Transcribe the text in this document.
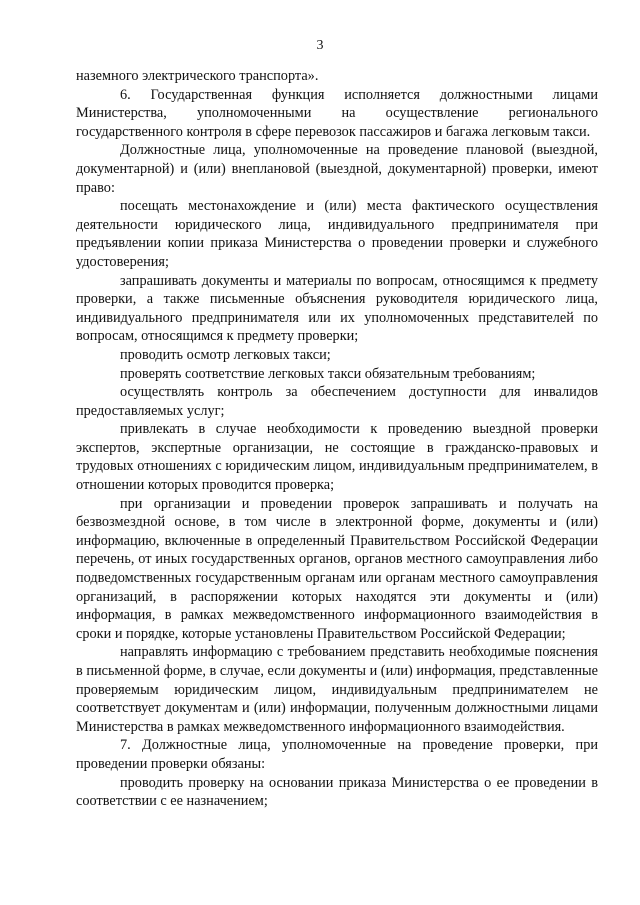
3

наземного электрического транспорта».

6. Государственная функция исполняется должностными лицами Министерства, уполномоченными на осуществление регионального государственного контроля в сфере перевозок пассажиров и багажа легковым такси.

Должностные лица, уполномоченные на проведение плановой (выездной, документарной) и (или) внеплановой (выездной, документарной) проверки, имеют право:

посещать местонахождение и (или) места фактического осуществления деятельности юридического лица, индивидуального предпринимателя при предъявлении копии приказа Министерства о проведении проверки и служебного удостоверения;

запрашивать документы и материалы по вопросам, относящимся к предмету проверки, а также письменные объяснения руководителя юридического лица, индивидуального предпринимателя или их уполномоченных представителей по вопросам, относящимся к предмету проверки;

проводить осмотр легковых такси;

проверять соответствие легковых такси обязательным требованиям;

осуществлять контроль за обеспечением доступности для инвалидов предоставляемых услуг;

привлекать в случае необходимости к проведению выездной проверки экспертов, экспертные организации, не состоящие в гражданско-правовых и трудовых отношениях с юридическим лицом, индивидуальным предпринимателем, в отношении которых проводится проверка;

при организации и проведении проверок запрашивать и получать на безвозмездной основе, в том числе в электронной форме, документы и (или) информацию, включенные в определенный Правительством Российской Федерации перечень, от иных государственных органов, органов местного самоуправления либо подведомственных государственным органам или органам местного самоуправления организаций, в распоряжении которых находятся эти документы и (или) информация, в рамках межведомственного информационного взаимодействия в сроки и порядке, которые установлены Правительством Российской Федерации;

направлять информацию с требованием представить необходимые пояснения в письменной форме, в случае, если документы и (или) информация, представленные проверяемым юридическим лицом, индивидуальным предпринимателем не соответствует документам и (или) информации, полученным должностными лицами Министерства в рамках межведомственного информационного взаимодействия.

7. Должностные лица, уполномоченные на проведение проверки, при проведении проверки обязаны:

проводить проверку на основании приказа Министерства о ее проведении в соответствии с ее назначением;
